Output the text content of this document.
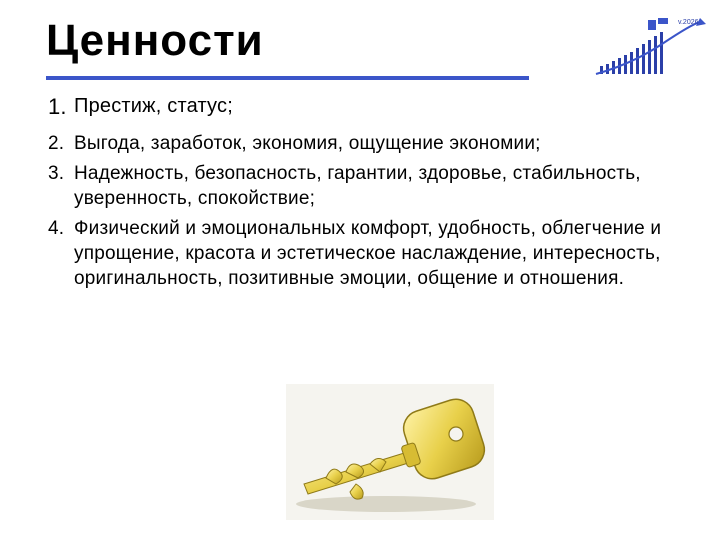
Ценности	v.2026
1. Престиж, статус;
2. Выгода, заработок, экономия, ощущение экономии;
3. Надежность, безопасность, гарантии, здоровье, стабильность, уверенность, спокойствие;
4. Физический и эмоциональных комфорт, удобность, облегчение и упрощение, красота и эстетическое наслаждение, интересность, оригинальность, позитивные эмоции, общение и отношения.
